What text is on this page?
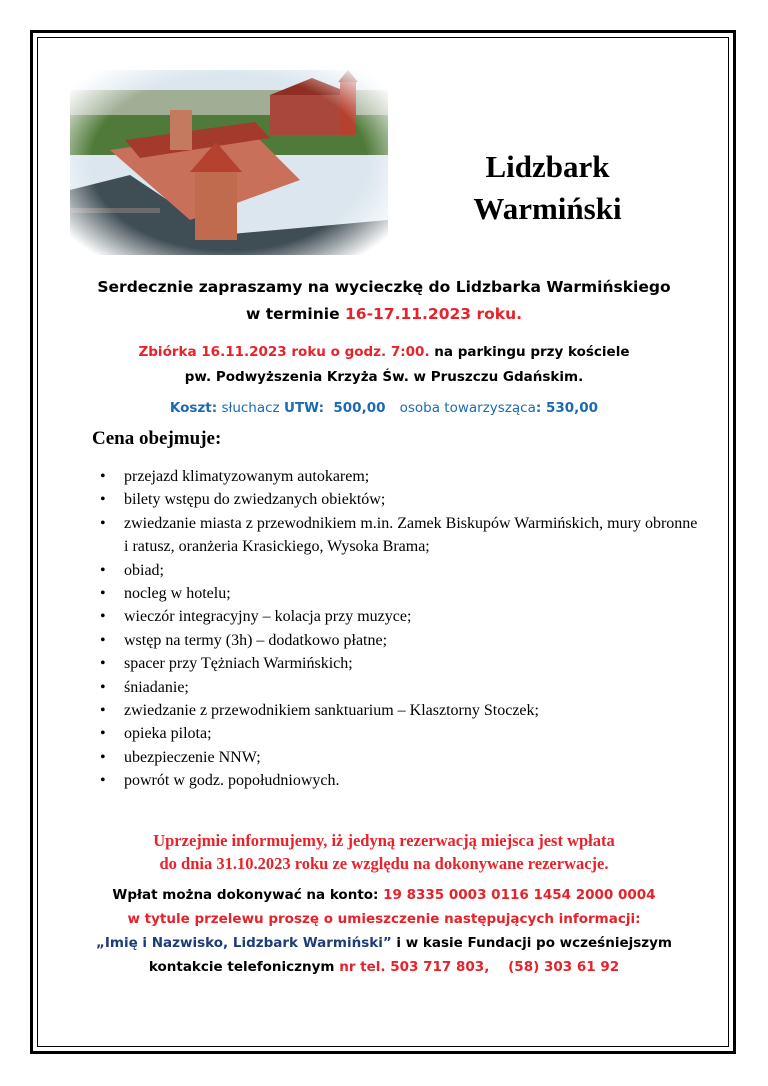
Lidzbark
Warmiński
Serdecznie zapraszamy na wycieczkę do Lidzbarka Warmińskiego
w terminie 16-17.11.2023 roku.
Zbiórka 16.11.2023 roku o godz. 7:00. na parkingu przy kościele
pw. Podwyższenia Krzyża Św. w Pruszczu Gdańskim.
Koszt: słuchacz UTW: 500,00 osoba towarzysząca: 530,00
Cena obejmuje:
• przejazd klimatyzowanym autokarem;
• bilety wstępu do zwiedzanych obiektów;
• zwiedzanie miasta z przewodnikiem m.in. Zamek Biskupów Warmińskich, mury obronne i ratusz, oranżeria Krasickiego, Wysoka Brama;
• obiad;
• nocleg w hotelu;
• wieczór integracyjny – kolacja przy muzyce;
• wstęp na termy (3h) – dodatkowo płatne;
• spacer przy Tężniach Warmińskich;
• śniadanie;
• zwiedzanie z przewodnikiem sanktuarium – Klasztorny Stoczek;
• opieka pilota;
• ubezpieczenie NNW;
• powrót w godz. popołudniowych.
Uprzejmie informujemy, iż jedyną rezerwacją miejsca jest wpłata
do dnia 31.10.2023 roku ze względu na dokonywane rezerwacje.
Wpłat można dokonywać na konto: 19 8335 0003 0116 1454 2000 0004
w tytule przelewu proszę o umieszczenie następujących informacji:
„Imię i Nazwisko, Lidzbark Warmiński” i w kasie Fundacji po wcześniejszym
kontakcie telefonicznym nr tel. 503 717 803, (58) 303 61 92
